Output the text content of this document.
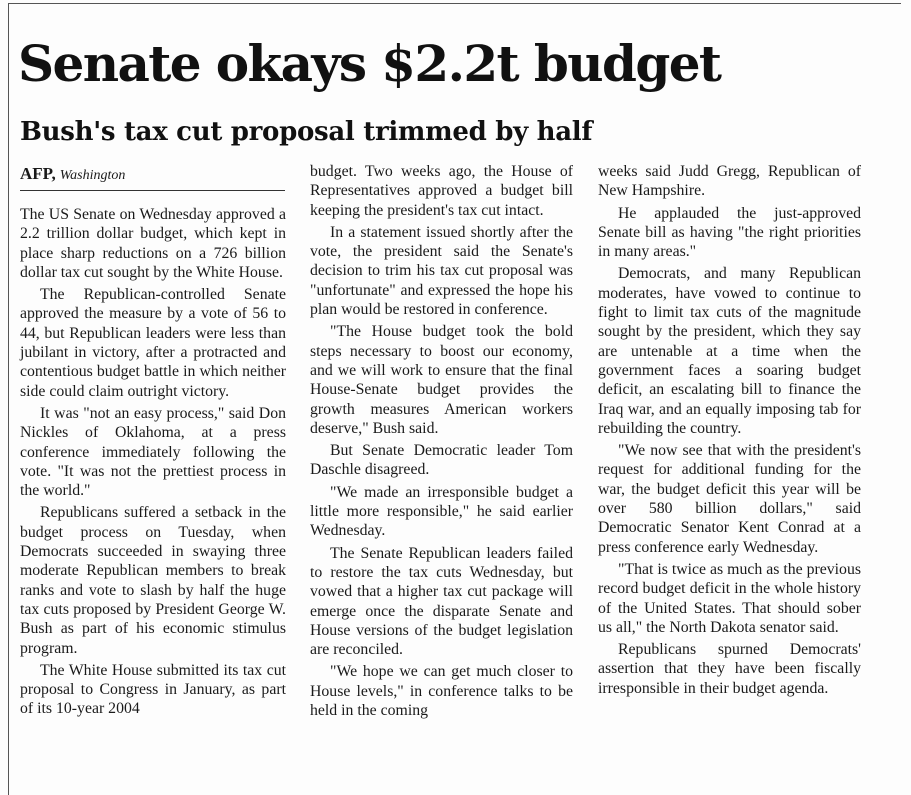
Senate okays $2.2t budget
Bush's tax cut proposal trimmed by half
AFP, Washington

The US Senate on Wednesday approved a 2.2 trillion dollar budget, which kept in place sharp reductions on a 726 billion dollar tax cut sought by the White House.

The Republican-controlled Senate approved the measure by a vote of 56 to 44, but Republican leaders were less than jubilant in victory, after a protracted and contentious budget battle in which neither side could claim outright victory.

It was "not an easy process," said Don Nickles of Oklahoma, at a press conference immediately following the vote. "It was not the prettiest process in the world."

Republicans suffered a setback in the budget process on Tuesday, when Democrats succeeded in swaying three moderate Republican members to break ranks and vote to slash by half the huge tax cuts proposed by President George W. Bush as part of his economic stimulus program.

The White House submitted its tax cut proposal to Congress in January, as part of its 10-year 2004

budget. Two weeks ago, the House of Representatives approved a budget bill keeping the president's tax cut intact.

In a statement issued shortly after the vote, the president said the Senate's decision to trim his tax cut proposal was "unfortunate" and expressed the hope his plan would be restored in conference.

"The House budget took the bold steps necessary to boost our economy, and we will work to ensure that the final House-Senate budget provides the growth measures American workers deserve," Bush said.

But Senate Democratic leader Tom Daschle disagreed.

"We made an irresponsible budget a little more responsible," he said earlier Wednesday.

The Senate Republican leaders failed to restore the tax cuts Wednesday, but vowed that a higher tax cut package will emerge once the disparate Senate and House versions of the budget legislation are reconciled.

"We hope we can get much closer to House levels," in conference talks to be held in the coming

weeks said Judd Gregg, Republican of New Hampshire.

He applauded the just-approved Senate bill as having "the right priorities in many areas."

Democrats, and many Republican moderates, have vowed to continue to fight to limit tax cuts of the magnitude sought by the president, which they say are untenable at a time when the government faces a soaring budget deficit, an escalating bill to finance the Iraq war, and an equally imposing tab for rebuilding the country.

"We now see that with the president's request for additional funding for the war, the budget deficit this year will be over 580 billion dollars," said Democratic Senator Kent Conrad at a press conference early Wednesday.

"That is twice as much as the previous record budget deficit in the whole history of the United States. That should sober us all," the North Dakota senator said.

Republicans spurned Democrats' assertion that they have been fiscally irresponsible in their budget agenda.
